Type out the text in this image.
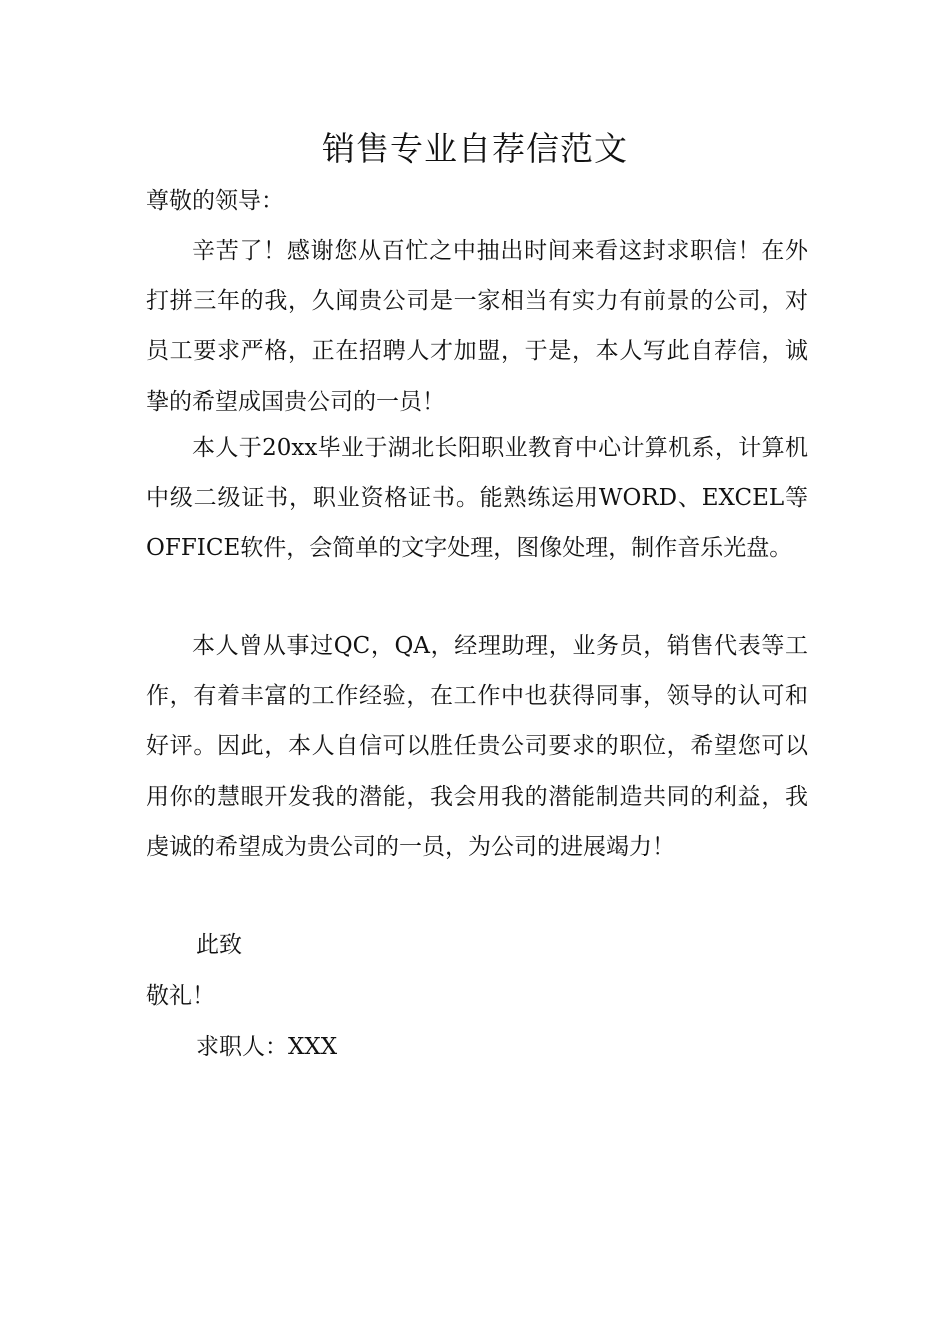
销售专业自荐信范文
尊敬的领导：

辛苦了！感谢您从百忙之中抽出时间来看这封求职信！在外打拼三年的我，久闻贵公司是一家相当有实力有前景的公司，对员工要求严格，正在招聘人才加盟，于是，本人写此自荐信，诚挚的希望成国贵公司的一员！

本人于20xx毕业于湖北长阳职业教育中心计算机系，计算机中级二级证书，职业资格证书。能熟练运用WORD、EXCEL等OFFICE软件，会简单的文字处理，图像处理，制作音乐光盘。

本人曾从事过QC，QA，经理助理，业务员，销售代表等工作，有着丰富的工作经验，在工作中也获得同事，领导的认可和好评。因此，本人自信可以胜任贵公司要求的职位，希望您可以用你的慧眼开发我的潜能，我会用我的潜能制造共同的利益，我虔诚的希望成为贵公司的一员，为公司的进展竭力！

此致
敬礼！
求职人：XXX
